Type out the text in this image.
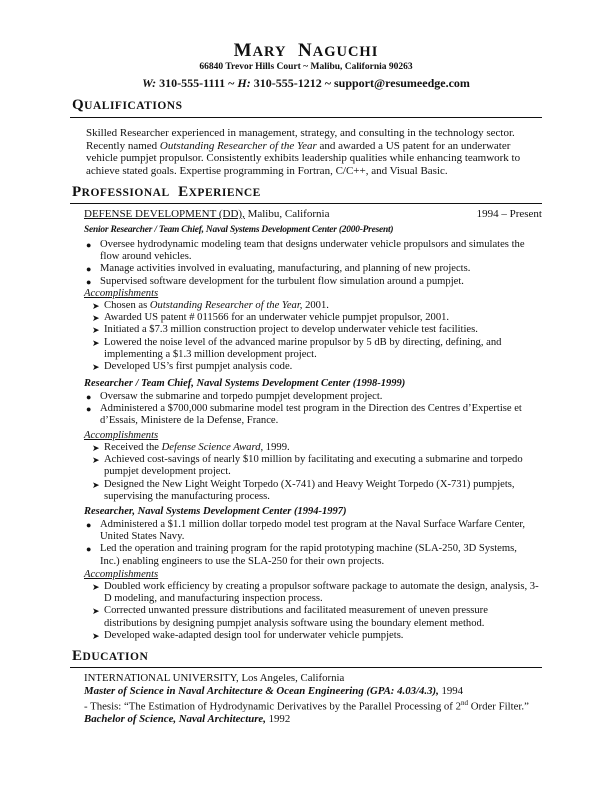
MARY NAGUCHI
66840 Trevor Hills Court ~ Malibu, California 90263
W: 310-555-1111 ~ H: 310-555-1212 ~ support@resumeedge.com
QUALIFICATIONS
Skilled Researcher experienced in management, strategy, and consulting in the technology sector. Recently named Outstanding Researcher of the Year and awarded a US patent for an underwater vehicle pumpjet propulsor. Consistently exhibits leadership qualities while enhancing teamwork to achieve stated goals. Expertise programming in Fortran, C/C++, and Visual Basic.
PROFESSIONAL EXPERIENCE
DEFENSE DEVELOPMENT (DD), Malibu, California	1994 – Present
Senior Researcher / Team Chief, Naval Systems Development Center (2000-Present)
● Oversee hydrodynamic modeling team that designs underwater vehicle propulsors and simulates the flow around vehicles.
● Manage activities involved in evaluating, manufacturing, and planning of new projects.
● Supervised software development for the turbulent flow simulation around a pumpjet.
Accomplishments
➤ Chosen as Outstanding Researcher of the Year, 2001.
➤ Awarded US patent # 011566 for an underwater vehicle pumpjet propulsor, 2001.
➤ Initiated a $7.3 million construction project to develop underwater vehicle test facilities.
➤ Lowered the noise level of the advanced marine propulsor by 5 dB by directing, defining, and implementing a $1.3 million development project.
➤ Developed US’s first pumpjet analysis code.
Researcher / Team Chief, Naval Systems Development Center (1998-1999)
● Oversaw the submarine and torpedo pumpjet development project.
● Administered a $700,000 submarine model test program in the Direction des Centres d’Expertise et d’Essais, Ministere de la Defense, France.
Accomplishments
➤ Received the Defense Science Award, 1999.
➤ Achieved cost-savings of nearly $10 million by facilitating and executing a submarine and torpedo pumpjet development project.
➤ Designed the New Light Weight Torpedo (X-741) and Heavy Weight Torpedo (X-731) pumpjets, supervising the manufacturing process.
Researcher, Naval Systems Development Center (1994-1997)
● Administered a $1.1 million dollar torpedo model test program at the Naval Surface Warfare Center, United States Navy.
● Led the operation and training program for the rapid prototyping machine (SLA-250, 3D Systems, Inc.) enabling engineers to use the SLA-250 for their own projects.
Accomplishments
➤ Doubled work efficiency by creating a propulsor software package to automate the design, analysis, 3-D modeling, and manufacturing inspection process.
➤ Corrected unwanted pressure distributions and facilitated measurement of uneven pressure distributions by designing pumpjet analysis software using the boundary element method.
➤ Developed wake-adapted design tool for underwater vehicle pumpjets.
EDUCATION
INTERNATIONAL UNIVERSITY, Los Angeles, California
Master of Science in Naval Architecture & Ocean Engineering (GPA: 4.03/4.3), 1994
- Thesis: “The Estimation of Hydrodynamic Derivatives by the Parallel Processing of 2nd Order Filter.”
Bachelor of Science, Naval Architecture, 1992
